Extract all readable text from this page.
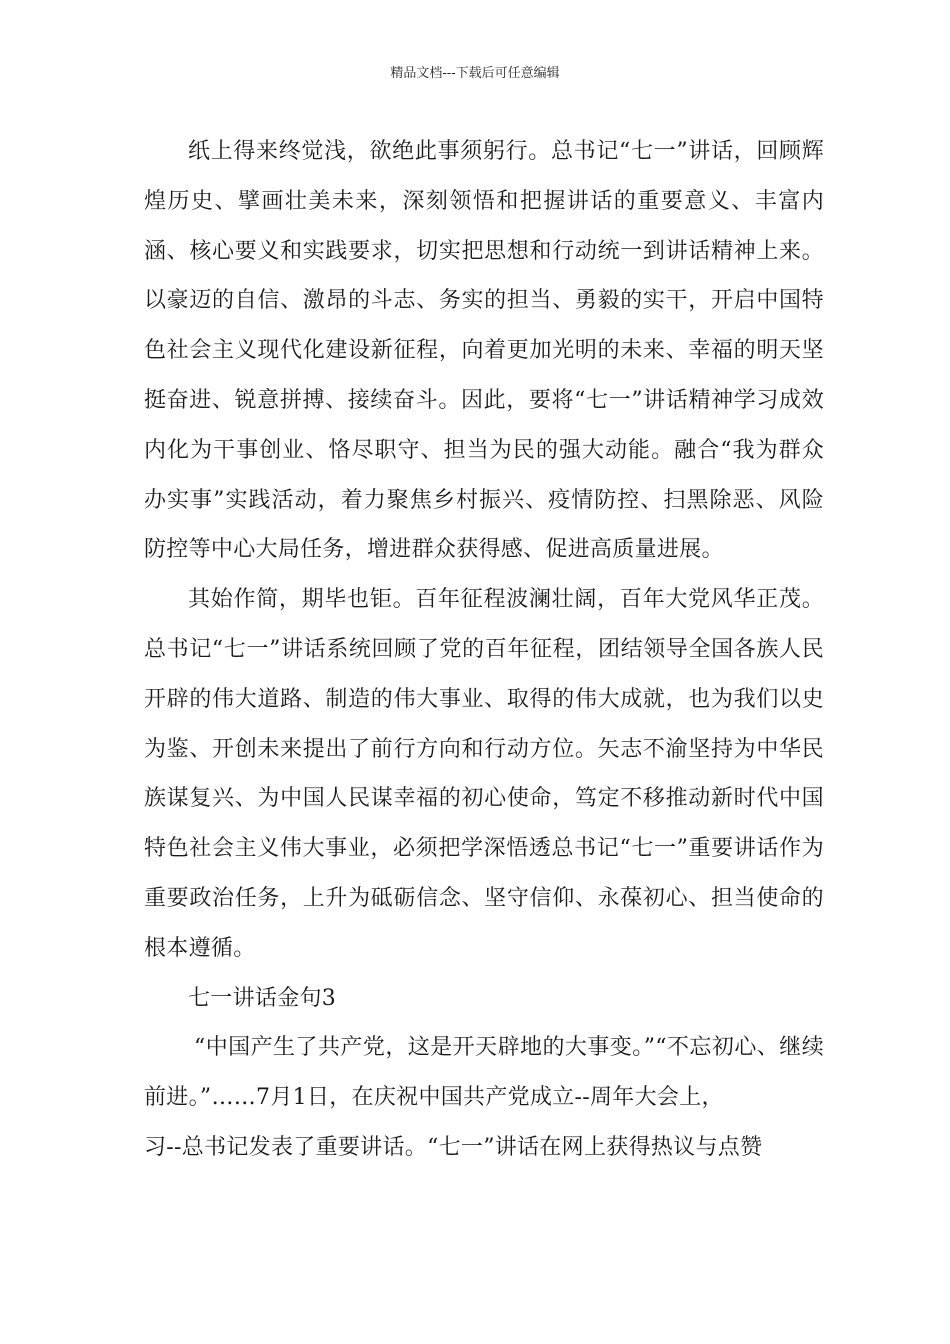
精品文档---下载后可任意编辑

纸上得来终觉浅，欲绝此事须躬行。总书记“七一”讲话，回顾辉煌历史、擘画壮美未来，深刻领悟和把握讲话的重要意义、丰富内涵、核心要义和实践要求，切实把思想和行动统一到讲话精神上来。以豪迈的自信、激昂的斗志、务实的担当、勇毅的实干，开启中国特色社会主义现代化建设新征程，向着更加光明的未来、幸福的明天坚挺奋进、锐意拼搏、接续奋斗。因此，要将“七一”讲话精神学习成效内化为干事创业、恪尽职守、担当为民的强大动能。融合“我为群众办实事”实践活动，着力聚焦乡村振兴、疫情防控、扫黑除恶、风险防控等中心大局任务，增进群众获得感、促进高质量进展。

其始作简，期毕也钜。百年征程波澜壮阔，百年大党风华正茂。总书记“七一”讲话系统回顾了党的百年征程，团结领导全国各族人民开辟的伟大道路、制造的伟大事业、取得的伟大成就，也为我们以史为鉴、开创未来提出了前行方向和行动方位。矢志不渝坚持为中华民族谋复兴、为中国人民谋幸福的初心使命，笃定不移推动新时代中国特色社会主义伟大事业，必须把学深悟透总书记“七一”重要讲话作为重要政治任务，上升为砥砺信念、坚守信仰、永葆初心、担当使命的根本遵循。

七一讲话金句3

“中国产生了共产党，这是开天辟地的大事变。”“不忘初心、继续前进。”……7月1日，在庆祝中国共产党成立--周年大会上，

习--总书记发表了重要讲话。“七一”讲话在网上获得热议与点赞
